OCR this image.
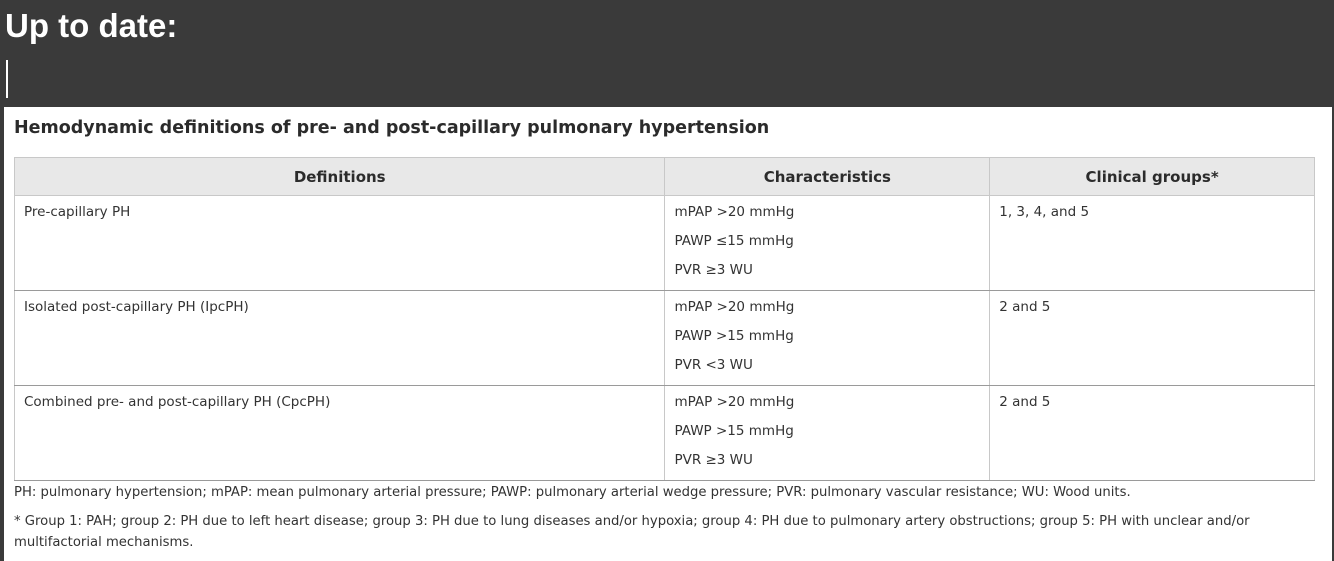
Up to date:
Hemodynamic definitions of pre- and post-capillary pulmonary hypertension
Definitions	Characteristics	Clinical groups*

Pre-capillary PH	mPAP >20 mmHg
PAWP ≤15 mmHg
PVR ≥3 WU	1, 3, 4, and 5

Isolated post-capillary PH (IpcPH)	mPAP >20 mmHg
PAWP >15 mmHg
PVR <3 WU	2 and 5

Combined pre- and post-capillary PH (CpcPH)	mPAP >20 mmHg
PAWP >15 mmHg
PVR ≥3 WU	2 and 5
PH: pulmonary hypertension; mPAP: mean pulmonary arterial pressure; PAWP: pulmonary arterial wedge pressure; PVR: pulmonary vascular resistance; WU: Wood units.
* Group 1: PAH; group 2: PH due to left heart disease; group 3: PH due to lung diseases and/or hypoxia; group 4: PH due to pulmonary artery obstructions; group 5: PH with unclear and/or multifactorial mechanisms.
